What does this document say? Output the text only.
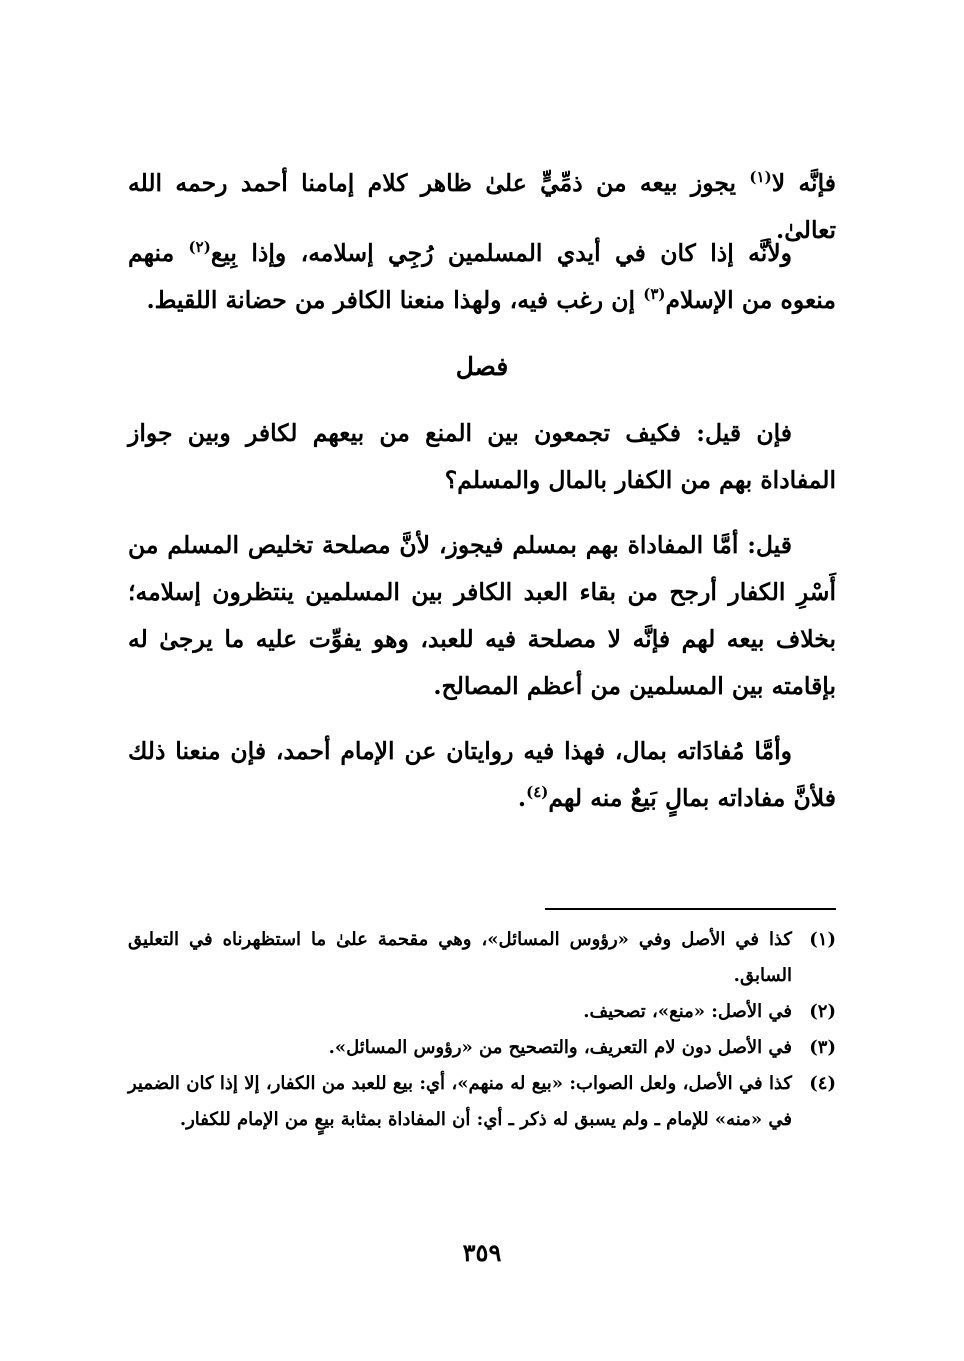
فإنَّه لا$^{(١)}$ يجوز بيعه من ذمِّيٍّ علىٰ ظاهر كلام إمامنا أحمد رحمه الله تعالىٰ.

ولأنَّه إذا كان في أيدي المسلمين رُجِي إسلامه، وإذا بِيع$^{(٢)}$ منهم منعوه من الإسلام$^{(٣)}$ إن رغب فيه، ولهذا منعنا الكافر من حضانة اللقيط.

فإن قيل: فكيف تجمعون بين المنع من بيعهم لكافر وبين جواز المفاداة بهم من الكفار بالمال والمسلم؟

قيل: أمَّا المفاداة بهم بمسلم فيجوز، لأنَّ مصلحة تخليص المسلم من أَسْرِ الكفار أرجح من بقاء العبد الكافر بين المسلمين ينتظرون إسلامه؛ بخلاف بيعه لهم فإنَّه لا مصلحة فيه للعبد، وهو يفوِّت عليه ما يرجىٰ له بإقامته بين المسلمين من أعظم المصالح.

وأمَّا مُفادَاته بمال، فهذا فيه روايتان عن الإمام أحمد، فإن منعنا ذلك فلأنَّ مفاداته بمالٍ بَيعٌ منه لهم$^{(٤)}$.

فصل

(١)
كذا في الأصل وفي «رؤوس المسائل»، وهي مقحمة علىٰ ما استظهرناه في التعليق السابق.

(٢)
في الأصل: «منع»، تصحيف.

(٣)
في الأصل دون لام التعريف، والتصحيح من «رؤوس المسائل».

(٤)
كذا في الأصل، ولعل الصواب: «بيع له منهم»، أي: بيع للعبد من الكفار، إلا إذا كان الضمير في «منه» للإمام ـ ولم يسبق له ذكر ـ أي: أن المفاداة بمثابة بيعٍ من الإمام للكفار.

٣٥٩
